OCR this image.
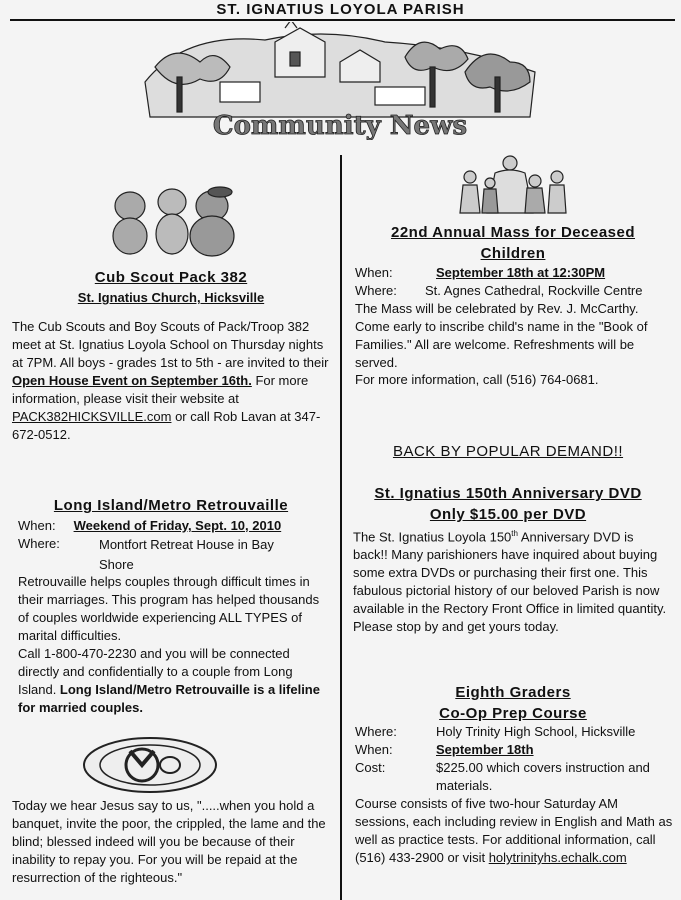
ST. IGNATIUS LOYOLA PARISH
Community News
Cub Scout Pack 382
St. Ignatius Church, Hicksville
The Cub Scouts and Boy Scouts of Pack/Troop 382 meet at St. Ignatius Loyola School on Thursday nights at 7PM. All boys - grades 1st to 5th - are invited to their Open House Event on September 16th. For more information, please visit their website at PACK382HICKSVILLE.com or call Rob Lavan at 347-672-0512.
Long Island/Metro Retrouvaille
When: Weekend of Friday, Sept. 10, 2010
Where:	Montfort Retreat House in Bay Shore
Retrouvaille helps couples through difficult times in their marriages. This program has helped thousands of couples worldwide experiencing ALL TYPES of marital difficulties.
Call 1-800-470-2230 and you will be connected directly and confidentially to a couple from Long Island. Long Island/Metro Retrouvaille is a lifeline for married couples.
Today we hear Jesus say to us, ".....when you hold a banquet, invite the poor, the crippled, the lame and the blind; blessed indeed will you be because of their inability to repay you. For you will be repaid at the resurrection of the righteous."
22nd Annual Mass for Deceased
Children
When:	September 18th at 12:30PM
Where:	St. Agnes Cathedral, Rockville Centre
The Mass will be celebrated by Rev. J. McCarthy. Come early to inscribe child's name in the "Book of Families." All are welcome. Refreshments will be served.
For more information, call (516) 764-0681.
BACK BY POPULAR DEMAND!!
St. Ignatius 150th Anniversary DVD
Only $15.00 per DVD
The St. Ignatius Loyola 150th Anniversary DVD is back!! Many parishioners have inquired about buying some extra DVDs or purchasing their first one. This fabulous pictorial history of our beloved Parish is now available in the Rectory Front Office in limited quantity. Please stop by and get yours today.
Eighth Graders
Co-Op Prep Course
Where:	Holy Trinity High School, Hicksville
When:	September 18th
Cost:	$225.00 which covers instruction and materials.
Course consists of five two-hour Saturday AM sessions, each including review in English and Math as well as practice tests. For additional information, call (516) 433-2900 or visit holytrinityhs.echalk.com
